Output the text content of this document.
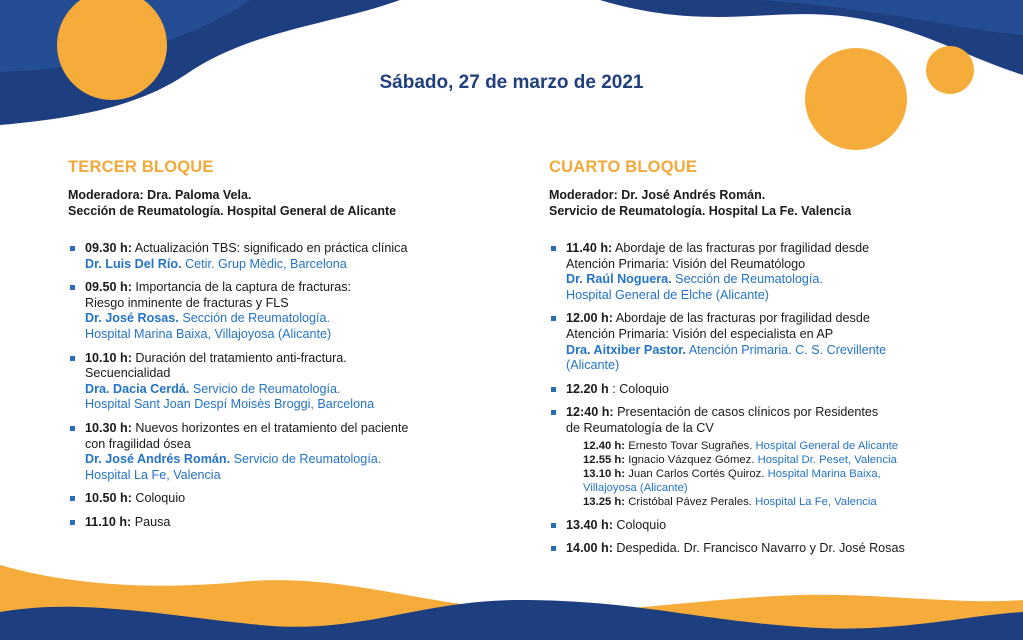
Sábado, 27 de marzo de 2021
TERCER BLOQUE
Moderadora: Dra. Paloma Vela.
Sección de Reumatología. Hospital General de Alicante
09.30 h: Actualización TBS: significado en práctica clínica
Dr. Luis Del Río. Cetir. Grup Mèdic, Barcelona
09.50 h: Importancia de la captura de fracturas:
Riesgo inminente de fracturas y FLS
Dr. José Rosas. Sección de Reumatología.
Hospital Marina Baixa, Villajoyosa (Alicante)
10.10 h: Duración del tratamiento anti-fractura.
Secuencialidad
Dra. Dacia Cerdá. Servicio de Reumatología.
Hospital Sant Joan Despí Moisès Broggi, Barcelona
10.30 h: Nuevos horizontes en el tratamiento del paciente
con fragilidad ósea
Dr. José Andrés Román. Servicio de Reumatología.
Hospital La Fe, Valencia
10.50 h: Coloquio
11.10 h: Pausa
CUARTO BLOQUE
Moderador: Dr. José Andrés Román.
Servicio de Reumatología. Hospital La Fe. Valencia
11.40 h: Abordaje de las fracturas por fragilidad desde
Atención Primaria: Visión del Reumatólogo
Dr. Raúl Noguera. Sección de Reumatología.
Hospital General de Elche (Alicante)
12.00 h: Abordaje de las fracturas por fragilidad desde
Atención Primaria: Visión del especialista en AP
Dra. Aitxiber Pastor. Atención Primaria. C. S. Crevillente
(Alicante)
12.20 h : Coloquio
12:40 h: Presentación de casos clínicos por Residentes
de Reumatología de la CV
12.40 h: Ernesto Tovar Sugrañes. Hospital General de Alicante
12.55 h: Ignacio Vázquez Gómez. Hospital Dr. Peset, Valencia
13.10 h: Juan Carlos Cortés Quiroz. Hospital Marina Baixa,
Villajoyosa (Alicante)
13.25 h: Cristóbal Pávez Perales. Hospital La Fe, Valencia
13.40 h: Coloquio
14.00 h: Despedida. Dr. Francisco Navarro y Dr. José Rosas
